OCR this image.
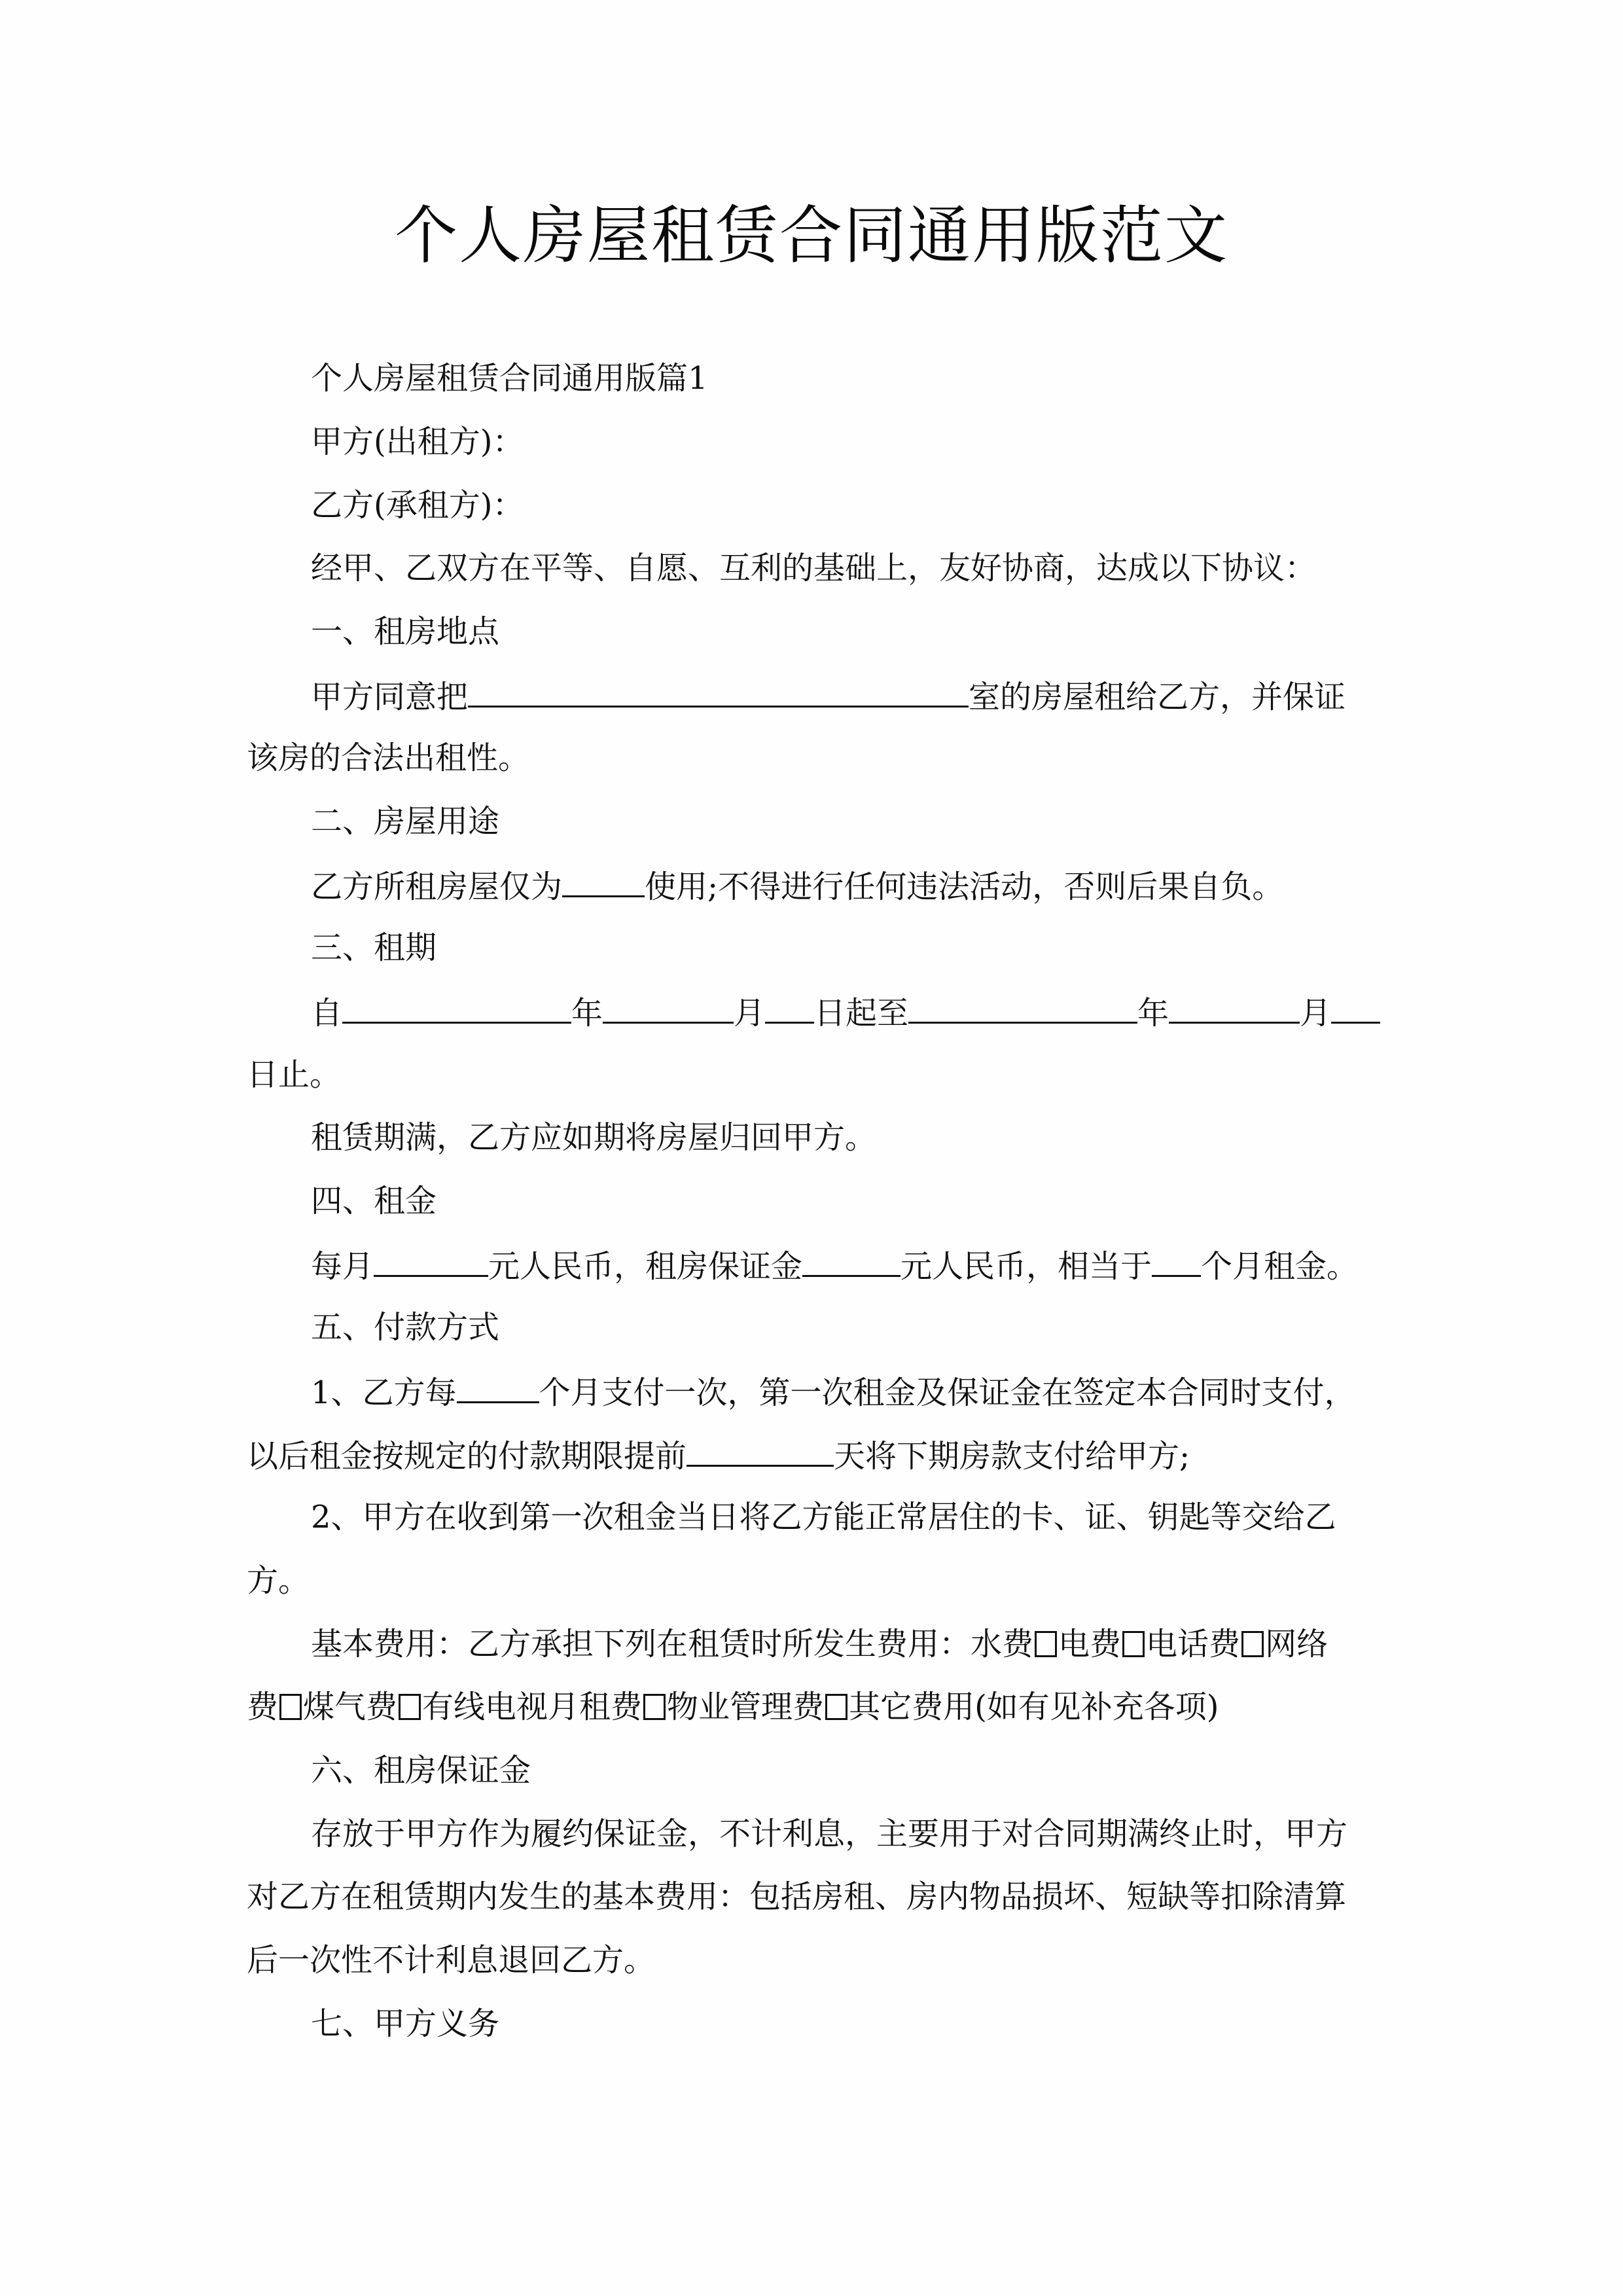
个人房屋租赁合同通用版范文
个人房屋租赁合同通用版篇1
甲方(出租方)：
乙方(承租方)：
经甲、乙双方在平等、自愿、互利的基础上，友好协商，达成以下协议：
一、租房地点
甲方同意把	室的房屋租给乙方，并保证
该房的合法出租性。
二、房屋用途
乙方所租房屋仅为	使用;不得进行任何违法活动，否则后果自负。
三、租期
自	年	月 日起至	年	月
日止。
租赁期满，乙方应如期将房屋归回甲方。
四、租金
每月	元人民币，租房保证金	元人民币，相当于 个月租金。
五、付款方式
1、乙方每	个月支付一次，第一次租金及保证金在签定本合同时支付，
以后租金按规定的付款期限提前	天将下期房款支付给甲方;
2、甲方在收到第一次租金当日将乙方能正常居住的卡、证、钥匙等交给乙
方。
基本费用：乙方承担下列在租赁时所发生费用：水费 电费 电话费 网络
费 煤气费 有线电视月租费 物业管理费 其它费用(如有见补充各项)
六、租房保证金
存放于甲方作为履约保证金，不计利息，主要用于对合同期满终止时，甲方
对乙方在租赁期内发生的基本费用：包括房租、房内物品损坏、短缺等扣除清算
后一次性不计利息退回乙方。
七、甲方义务
